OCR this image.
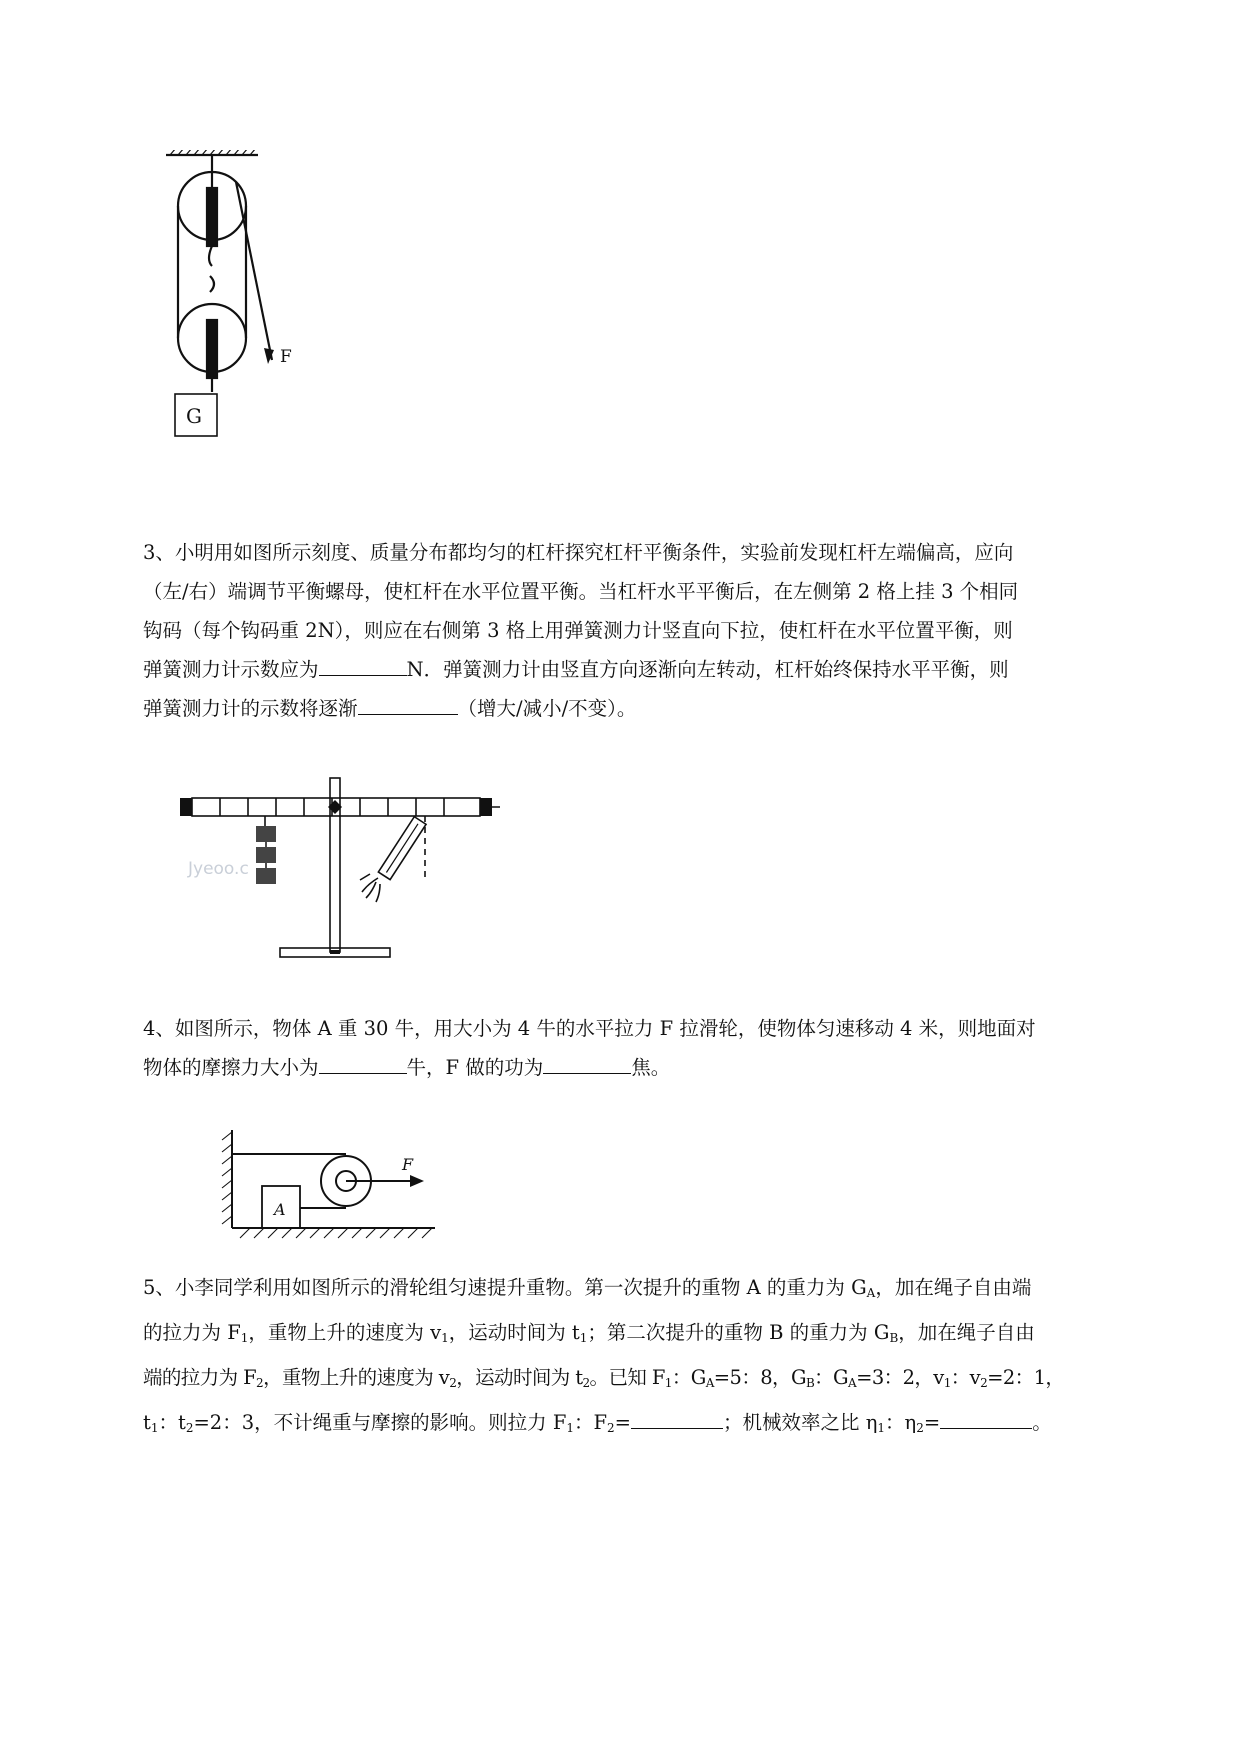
F
G
3、小明用如图所示刻度、质量分布都均匀的杠杆探究杠杆平衡条件，实验前发现杠杆左端偏高，应向
（左/右）端调节平衡螺母，使杠杆在水平位置平衡。当杠杆水平平衡后，在左侧第 2 格上挂 3 个相同
钩码（每个钩码重 2N），则应在右侧第 3 格上用弹簧测力计竖直向下拉，使杠杆在水平位置平衡，则
弹簧测力计示数应为	N．弹簧测力计由竖直方向逐渐向左转动，杠杆始终保持水平平衡，则
弹簧测力计的示数将逐渐	（增大/减小/不变）。
Jyeoo.c
4、如图所示，物体 A 重 30 牛，用大小为 4 牛的水平拉力 F 拉滑轮，使物体匀速移动 4 米，则地面对
物体的摩擦力大小为	牛，F 做的功为	焦。
A
F
5、小李同学利用如图所示的滑轮组匀速提升重物。第一次提升的重物 A 的重力为 $G_A$，加在绳子自由端
的拉力为 $F_1$，重物上升的速度为 $v_1$，运动时间为 $t_1$；第二次提升的重物 B 的重力为 $G_B$，加在绳子自由
端的拉力为 $F_2$，重物上升的速度为 $v_2$，运动时间为 $t_2$。已知 $F_1$：$G_A=5$：8，$G_B$：$G_A=3$：2，$v_1$：$v_2=2$：1，
$t_1$：$t_2=2$：3，不计绳重与摩擦的影响。则拉力 $F_1$：$F_2=$	；机械效率之比 $\eta_1$：$\eta_2=$	。
